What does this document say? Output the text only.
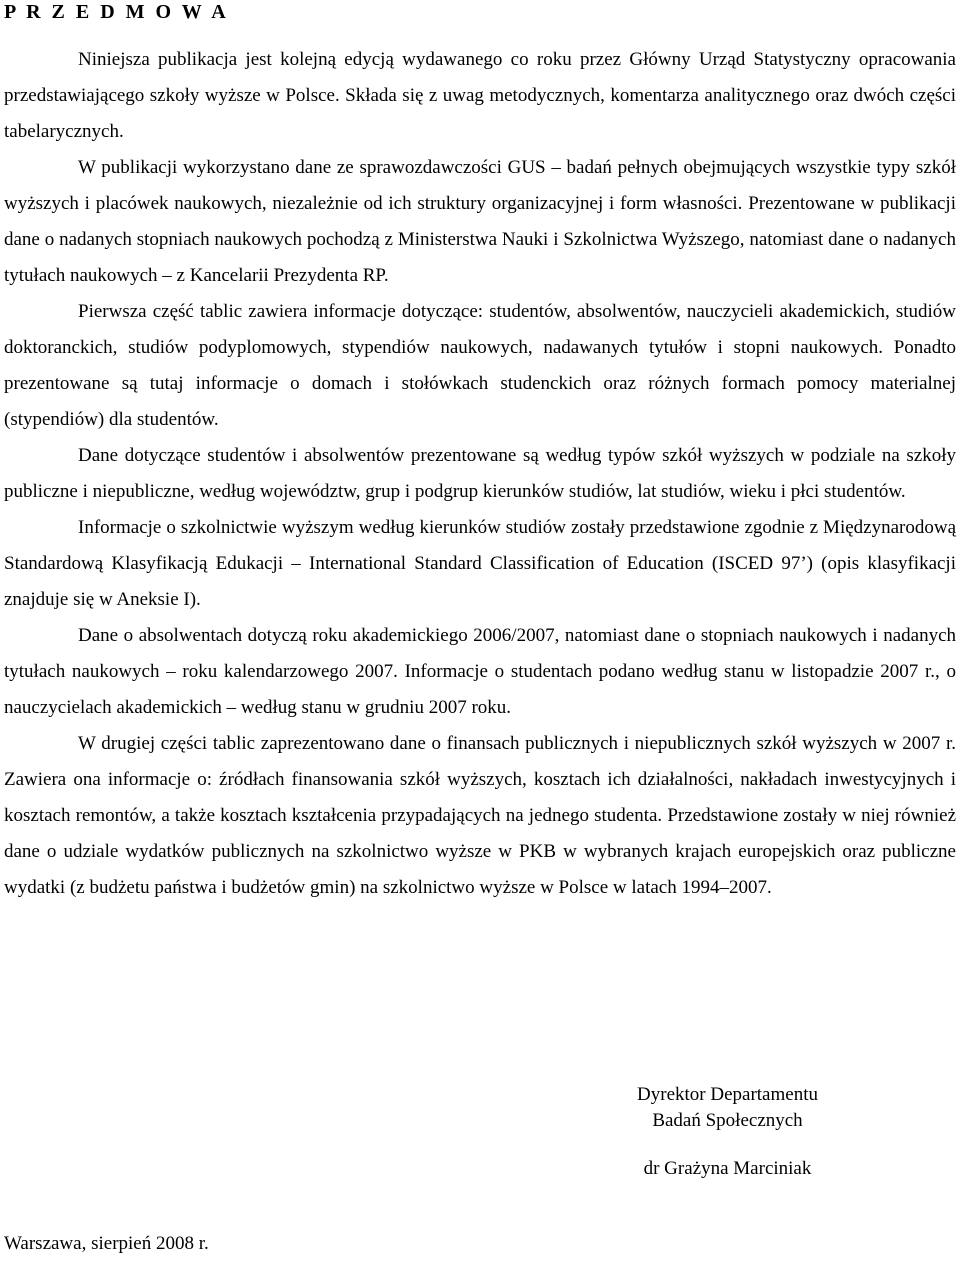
P R Z E D M O W A

Niniejsza publikacja jest kolejną edycją wydawanego co roku przez Główny Urząd Statystyczny opracowania przedstawiającego szkoły wyższe w Polsce. Składa się z uwag metodycznych, komentarza analitycznego oraz dwóch części tabelarycznych.

W publikacji wykorzystano dane ze sprawozdawczości GUS – badań pełnych obejmujących wszystkie typy szkół wyższych i placówek naukowych, niezależnie od ich struktury organizacyjnej i form własności. Prezentowane w publikacji dane o nadanych stopniach naukowych pochodzą z Ministerstwa Nauki i Szkolnictwa Wyższego, natomiast dane o nadanych tytułach naukowych – z Kancelarii Prezydenta RP.

Pierwsza część tablic zawiera informacje dotyczące: studentów, absolwentów, nauczycieli akademickich, studiów doktoranckich, studiów podyplomowych, stypendiów naukowych, nadawanych tytułów i stopni naukowych. Ponadto prezentowane są tutaj informacje o domach i stołówkach studenckich oraz różnych formach pomocy materialnej (stypendiów) dla studentów.

Dane dotyczące studentów i absolwentów prezentowane są według typów szkół wyższych w podziale na szkoły publiczne i niepubliczne, według województw, grup i podgrup kierunków studiów, lat studiów, wieku i płci studentów.

Informacje o szkolnictwie wyższym według kierunków studiów zostały przedstawione zgodnie z Międzynarodową Standardową Klasyfikacją Edukacji – International Standard Classification of Education (ISCED 97’) (opis klasyfikacji znajduje się w Aneksie I).

Dane o absolwentach dotyczą roku akademickiego 2006/2007, natomiast dane o stopniach naukowych i nadanych tytułach naukowych – roku kalendarzowego 2007. Informacje o studentach podano według stanu w listopadzie 2007 r., o nauczycielach akademickich – według stanu w grudniu 2007 roku.

W drugiej części tablic zaprezentowano dane o finansach publicznych i niepublicznych szkół wyższych w 2007 r. Zawiera ona informacje o: źródłach finansowania szkół wyższych, kosztach ich działalności, nakładach inwestycyjnych i kosztach remontów, a także kosztach kształcenia przypadających na jednego studenta. Przedstawione zostały w niej również dane o udziale wydatków publicznych na szkolnictwo wyższe w PKB w wybranych krajach europejskich oraz publiczne wydatki (z budżetu państwa i budżetów gmin) na szkolnictwo wyższe w Polsce w latach 1994–2007.

Dyrektor Departamentu
Badań Społecznych
dr Grażyna Marciniak
Warszawa, sierpień 2008 r.
